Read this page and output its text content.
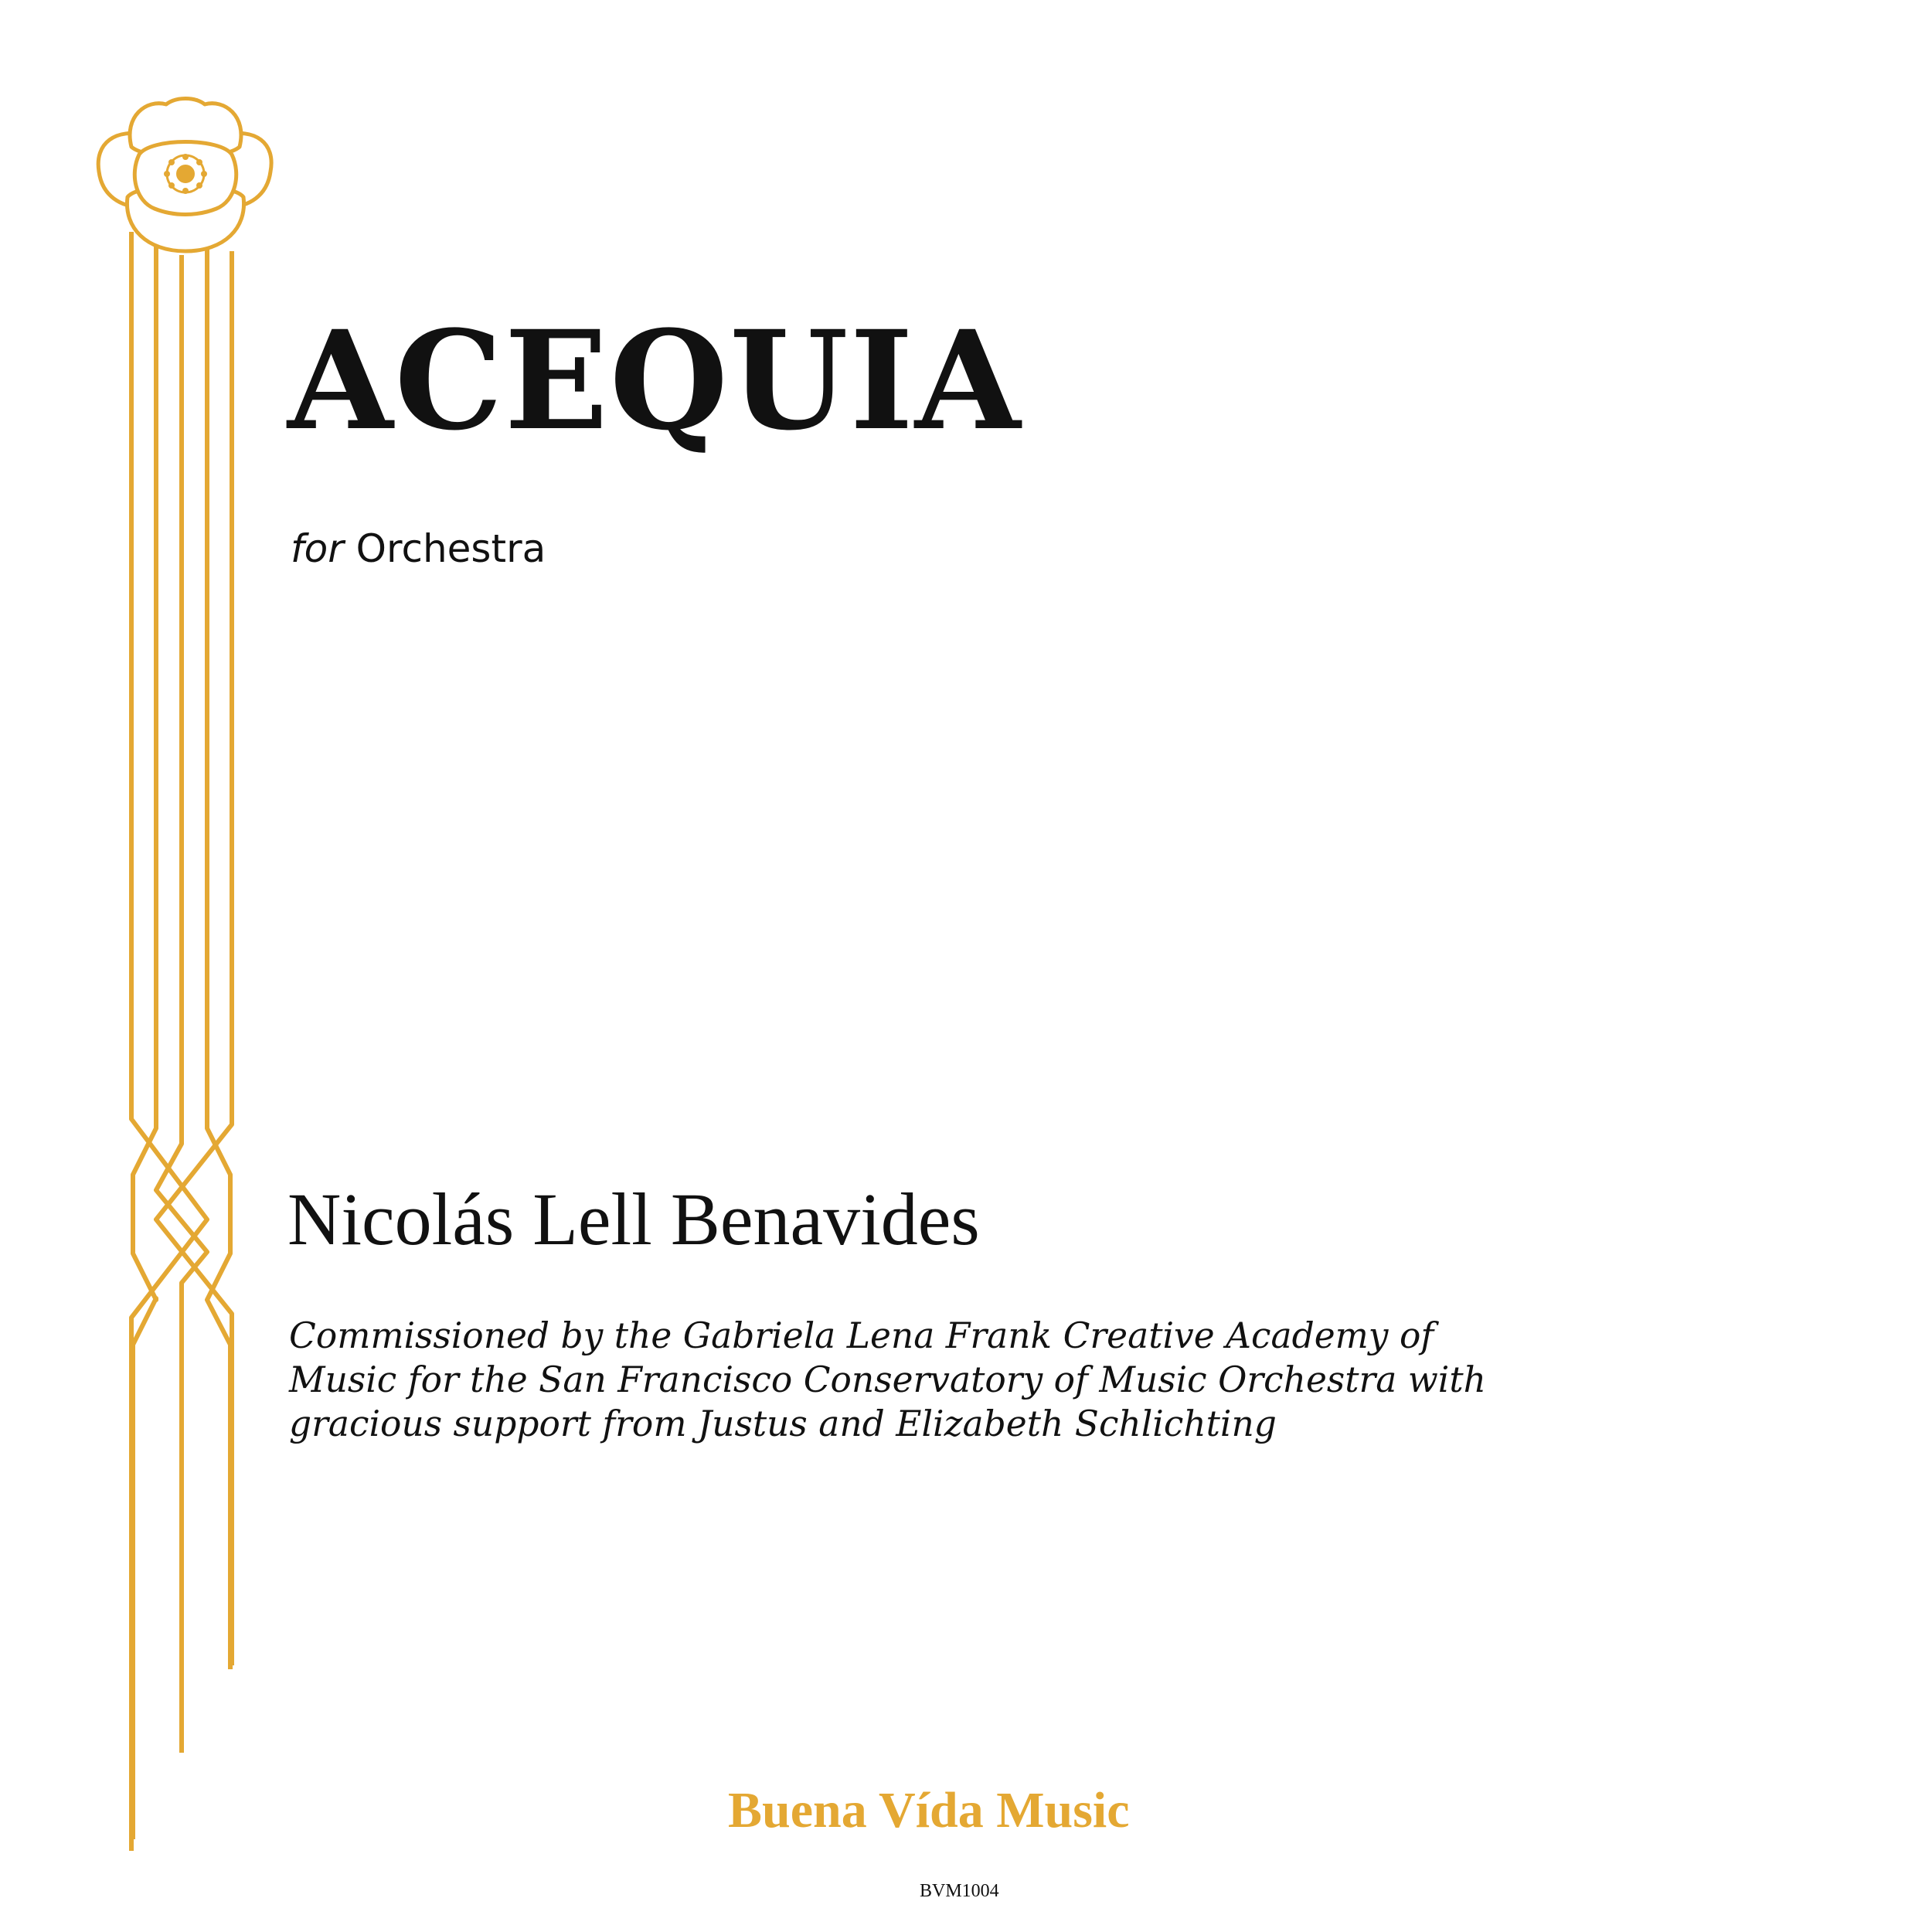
ACEQUIA

for Orchestra

Nicolás Lell Benavides

Commissioned by the Gabriela Lena Frank Creative Academy of
Music for the San Francisco Conservatory of Music Orchestra with
gracious support from Justus and Elizabeth Schlichting

Buena Vída Music

BVM1004
